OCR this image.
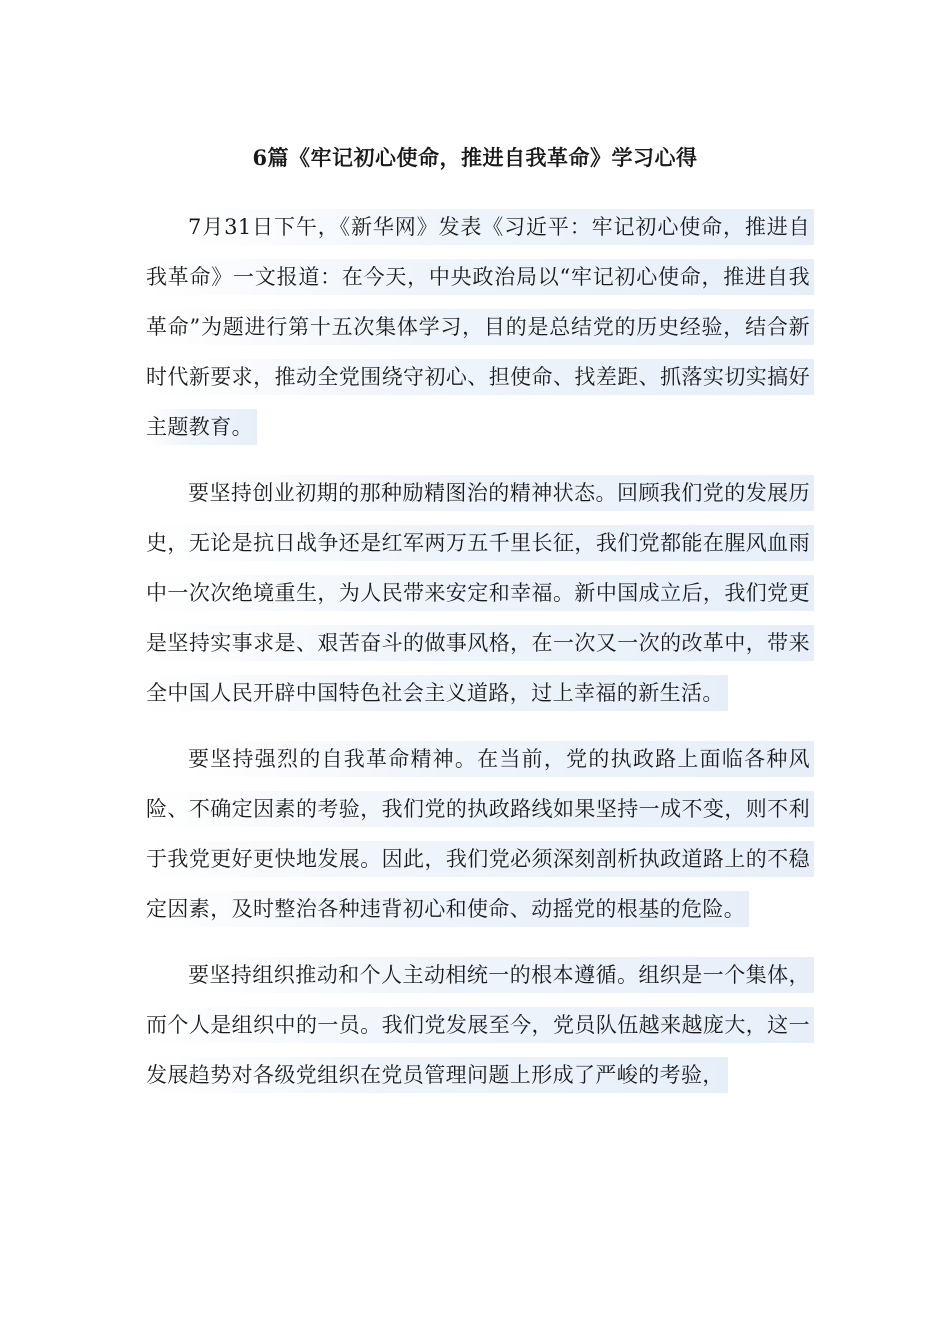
6篇《牢记初心使命，推进自我革命》学习心得

7月31日下午，《新华网》发表《习近平：牢记初心使命，推进自我革命》一文报道：在今天，中央政治局以“牢记初心使命，推进自我革命”为题进行第十五次集体学习，目的是总结党的历史经验，结合新时代新要求，推动全党围绕守初心、担使命、找差距、抓落实切实搞好主题教育。

要坚持创业初期的那种励精图治的精神状态。回顾我们党的发展历史，无论是抗日战争还是红军两万五千里长征，我们党都能在腥风血雨中一次次绝境重生，为人民带来安定和幸福。新中国成立后，我们党更是坚持实事求是、艰苦奋斗的做事风格，在一次又一次的改革中，带来全中国人民开辟中国特色社会主义道路，过上幸福的新生活。

要坚持强烈的自我革命精神。在当前，党的执政路上面临各种风险、不确定因素的考验，我们党的执政路线如果坚持一成不变，则不利于我党更好更快地发展。因此，我们党必须深刻剖析执政道路上的不稳定因素，及时整治各种违背初心和使命、动摇党的根基的危险。

要坚持组织推动和个人主动相统一的根本遵循。组织是一个集体，而个人是组织中的一员。我们党发展至今，党员队伍越来越庞大，这一发展趋势对各级党组织在党员管理问题上形成了严峻的考验，
